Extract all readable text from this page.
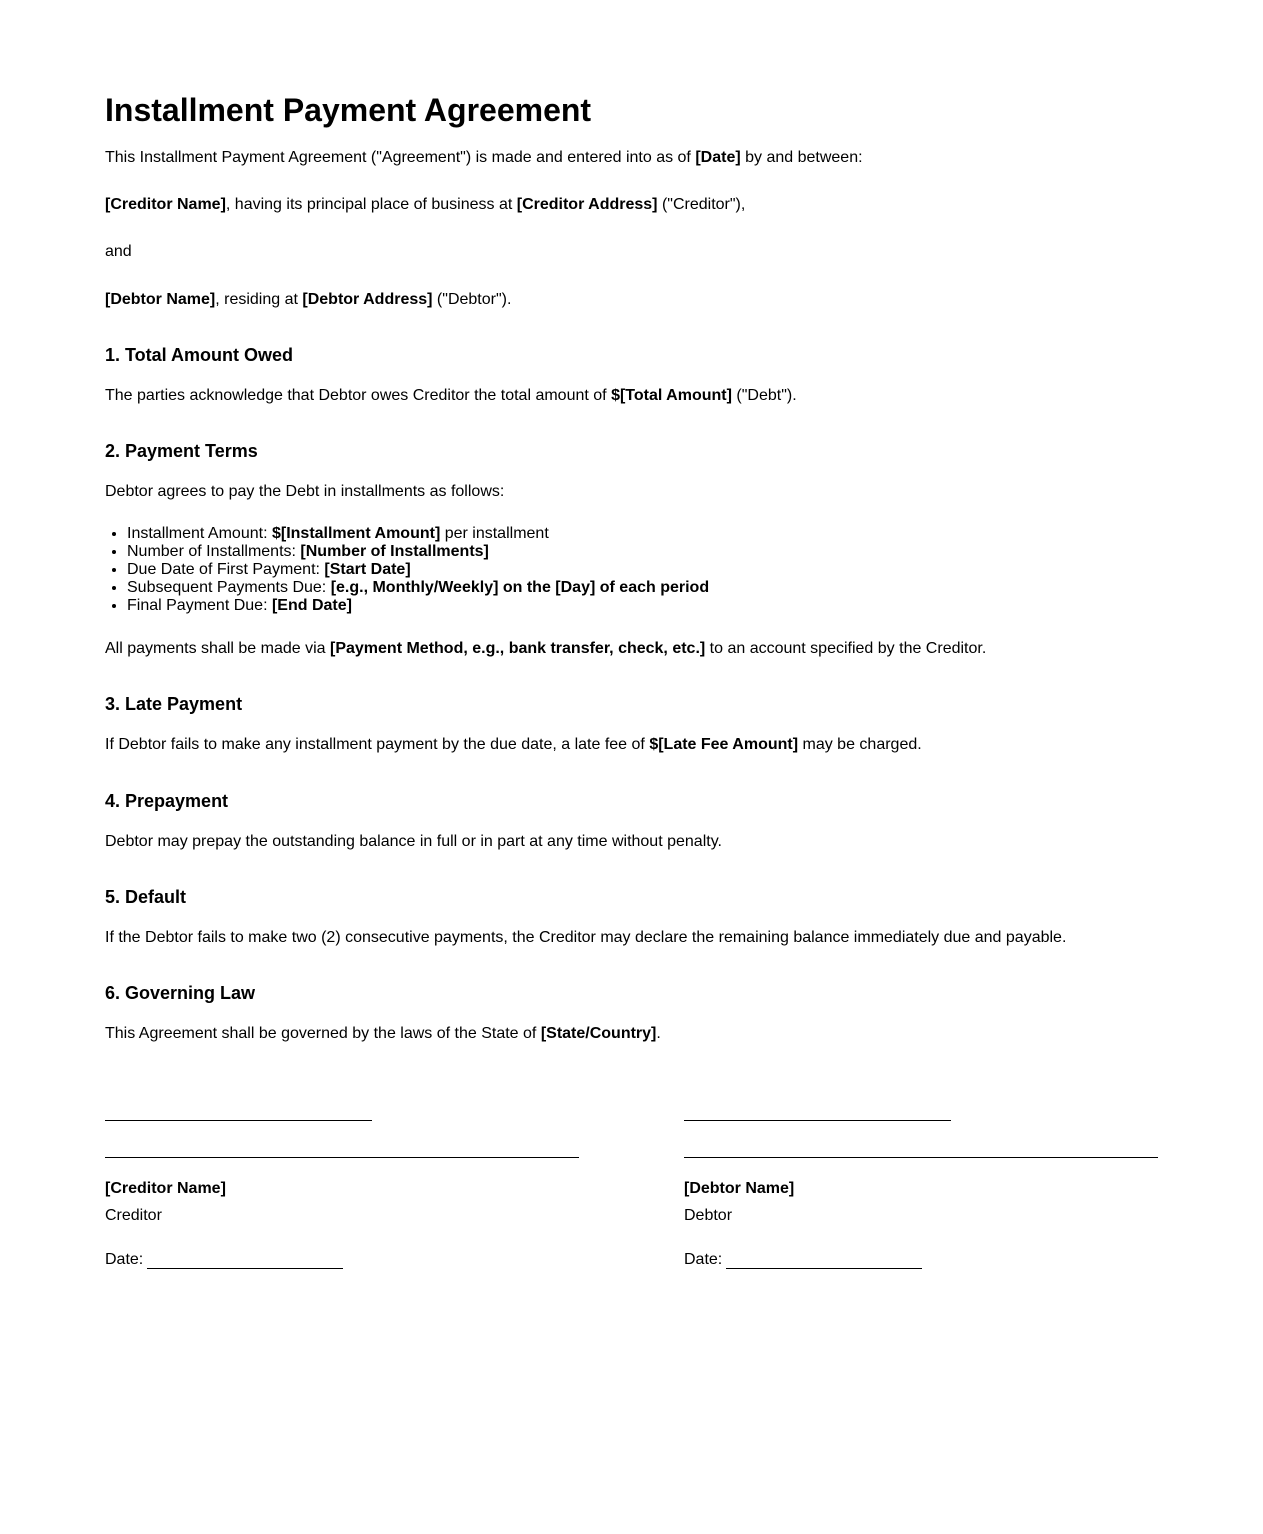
Installment Payment Agreement

This Installment Payment Agreement ("Agreement") is made and entered into as of [Date] by and between:

[Creditor Name], having its principal place of business at [Creditor Address] ("Creditor"),

and

[Debtor Name], residing at [Debtor Address] ("Debtor").

1. Total Amount Owed

The parties acknowledge that Debtor owes Creditor the total amount of $[Total Amount] ("Debt").

2. Payment Terms

Debtor agrees to pay the Debt in installments as follows:

• Installment Amount: $[Installment Amount] per installment
• Number of Installments: [Number of Installments]
• Due Date of First Payment: [Start Date]
• Subsequent Payments Due: [e.g., Monthly/Weekly] on the [Day] of each period
• Final Payment Due: [End Date]

All payments shall be made via [Payment Method, e.g., bank transfer, check, etc.] to an account specified by the Creditor.

3. Late Payment

If Debtor fails to make any installment payment by the due date, a late fee of $[Late Fee Amount] may be charged.

4. Prepayment

Debtor may prepay the outstanding balance in full or in part at any time without penalty.

5. Default

If the Debtor fails to make two (2) consecutive payments, the Creditor may declare the remaining balance immediately due and payable.

6. Governing Law

This Agreement shall be governed by the laws of the State of [State/Country].

[Creditor Name]
Creditor
Date:
[Debtor Name]
Debtor
Date:
